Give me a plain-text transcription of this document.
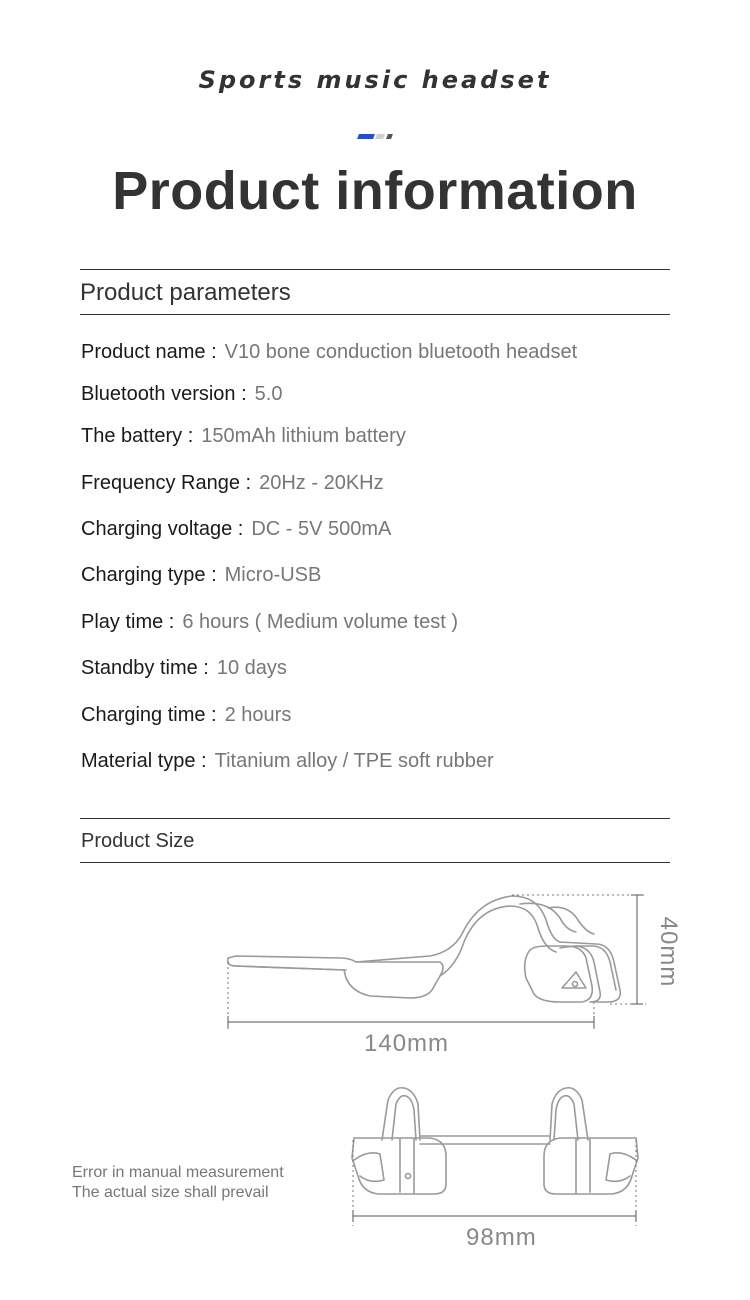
Sports music headset
Product information
Product parameters
Product name : V10 bone conduction bluetooth headset
Bluetooth version : 5.0
The battery : 150mAh lithium battery
Frequency Range : 20Hz - 20KHz
Charging voltage : DC - 5V 500mA
Charging type : Micro-USB
Play time : 6 hours ( Medium volume test )
Standby time : 10 days
Charging time : 2 hours
Material type : Titanium alloy / TPE soft rubber
Product Size
140mm
40mm
98mm
Error in manual measurement
The actual size shall prevail
